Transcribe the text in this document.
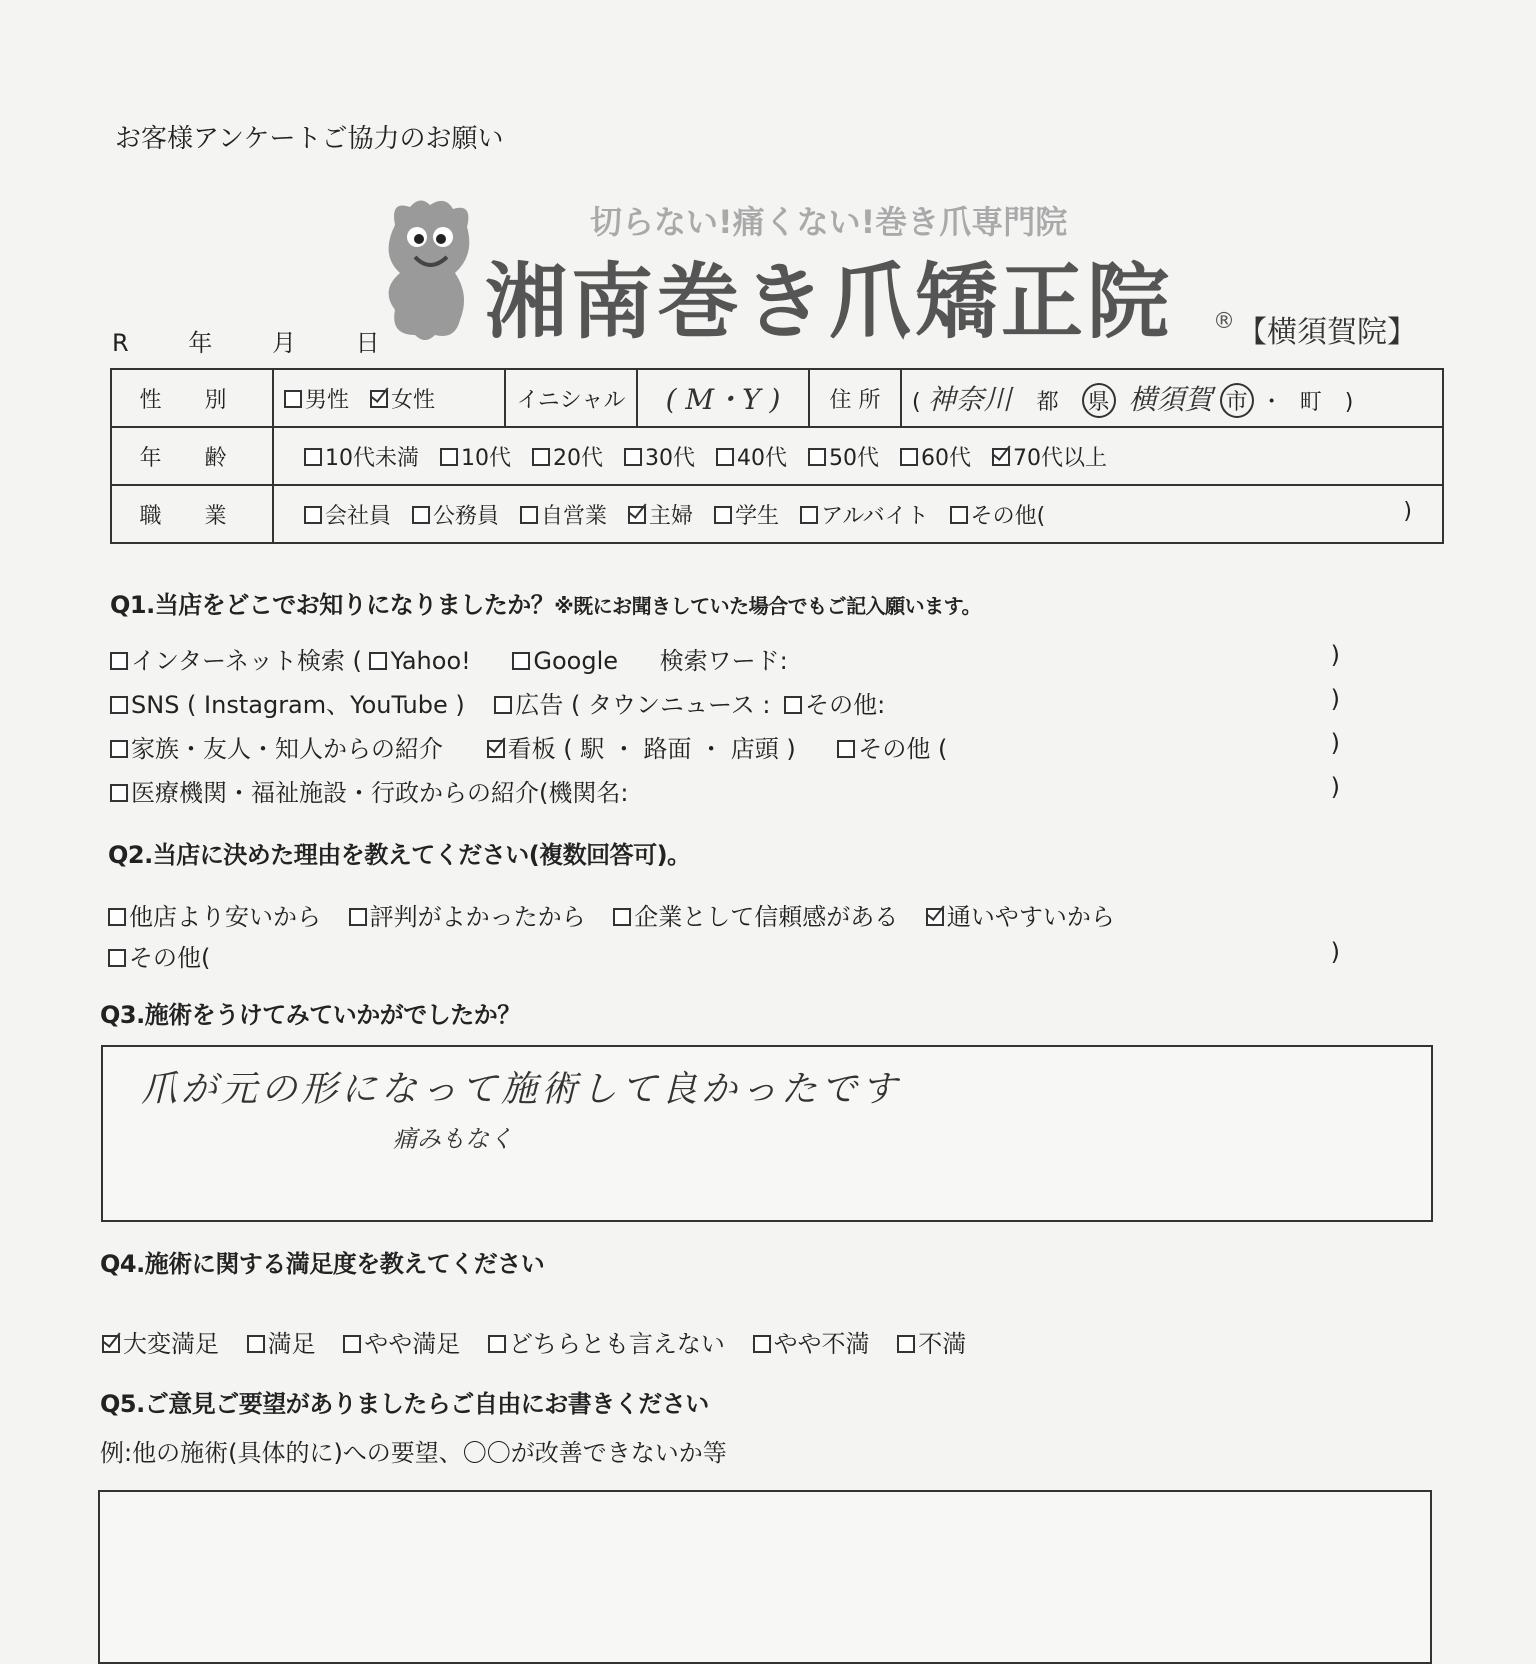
お客様アンケートご協力のお願い
切らない!痛くない!巻き爪専門院
湘南巻き爪矯正院 ® 【横須賀院】
R 年 月 日
性 別	男性 女性	イニシャル	( M・Y )	住 所	( 神奈川 都 県 横須賀 市 ・ 町 )
年 齢	10代未満 10代 20代 30代 40代 50代 60代 70代以上				
職 業	会社員 公務員 自営業 主婦 学生 アルバイト その他( )				
Q1.当店をどこでお知りになりましたか？※既にお聞きしていた場合でもご記入願います。
インターネット検索 ( Yahoo!	Google 検索ワード:	)
SNS ( Instagram、YouTube ) 広告 ( タウンニュース : その他:	)
家族・友人・知人からの紹介	看板 ( 駅 ・ 路面 ・ 店頭 )	その他 (	)
医療機関・福祉施設・行政からの紹介(機関名:	)
Q2.当店に決めた理由を教えてください(複数回答可)。
他店より安いから 評判がよかったから 企業として信頼感がある 通いやすいから
その他(	)
Q3.施術をうけてみていかがでしたか？
爪が元の形になって施術して良かったです
痛みもなく
Q4.施術に関する満足度を教えてください
大変満足 満足 やや満足 どちらとも言えない やや不満 不満
Q5.ご意見ご要望がありましたらご自由にお書きください
例:他の施術(具体的に)への要望、〇〇が改善できないか等
